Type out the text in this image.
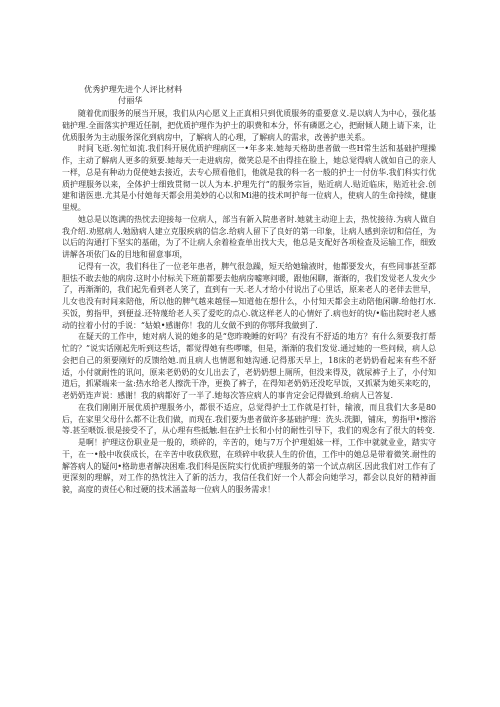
优秀护理先进个人评比材料
付丽华

随着优而服务的展当开展，我们从内心愿义上正真相只到优质服务的重要意义.是以病人为中心，强化基础护理.全面落实护理近任制，把优质护理作为护士的职费和本分，怀有磷愿之心，把耐倾人随上请下来，让优质服务为主动服务深化到病房中，了解病人的心理，了解病人的需求，改善护患关系。

时间飞逝.匆忙如流.我们科开展优质护理病区一•年多来.她每天格助患者做一些H常生活和基础护理操作，主动了解病人更多的须要.她每天一走进病房，微笑总是不由得挂在脸上，她总觉得病人就如自己的亲人一样，总是有种动力促使她去接近，去专心照看他们，他就是我的科一名一般的护士一付仿华.我们科实行优质护理服务以来，全体护士细致贯彻一以人为本.护理先行”的服务宗旨，贴近病人.贴近临床，贴近社会.创建和谐医患.尤其是小付她每天都会用美妙的心以和Mi港的技术呵护每一位病人，使病人的生命持续，健康里规。

她总是以饱满的热忱去迎接每一位病人，部当有新入院患者时.她就主动迎上去，热忱接待.为病人做自我介绍.劝慰病人.勉励病人建立克服疾病的信念.给病人留下了良好的第一印象，让病人感到亲切和信任，为以后的沟通打下坚实的基础，为了不让病人余着检查单出找大夫，他总是支配好各项检查及运输工作，细致讲解各项依门&的目地和留意事项，

记得有一次，我们科住了一位老年患者，脾气很急躁，短天给她输液时，他都要发火，有些同事甚至都胆怯不敢去他的病房.这时小付标关下班前都要去他病房嘘寒问暖，跟他闲聊，渐渐的，我们发觉老人发火少了，再渐渐的，我们起先看到老人笑了，直到有一天.老人才给小付说出了心里话，原来老人的老伴去世早，儿女也没有时间来陪他，所以他的脾气越来越怪—知道他在想什么，小付知天都会主动陪他闲聊.给他打水.买饭，剪指甲，到便益.还特蔑给老人买了爱吃的点心.就这样老人的心情好了.病也好的快/•临出院时老人感动的拉着小付的手说：“姑娘•感谢你！我的儿女做不到的你鄂拜我做到了.

在疑天的工作中，她对病人说的她多的是“您昨晚睡的好吗？有没有不舒适的地方？有什么须要我打帮忙的？”说实话刚起先听到这些话，都觉得她有些啰嗦，但是，渐渐的我们发觉.通过她的一些问候，病人总会把自己的须要刚好的反馈给她.而且病人也情愿和她沟通.记得那天早上，18床的老奶奶看起来有些不舒适，小付就耐性的讯问，原来老奶奶的女儿出去了，老奶奶想上厕所，但没来得及，就尿裤子上了，小付知道后，抓紧端来一盆:热水给老人擦洗干净，更换了裤子，在得知老奶奶还没吃早饭，又抓紧为她买来吃的，老奶奶连声说：感谢！我的病都好了一半了.她每次答应病人的事肯定会记得做到.给病人已答复.

在我们刚刚开展优质护理服务小，都很不适应，总觉得护士工作就是打针，输液，而且我们大多是80后，在家里父母什么都不让我们做，而现在.我们要为患者做许多基础护理：洗头.洗脚，铺床，剪指甲•擦浴等.甚至喂饭.很是接受不了，从心理有些抵触.但在护士长和小付的耐性引导下，我们的观念有了很大的转变.

是啊！护理这份职业是一般的，琐碎的，辛苦的，她与7万个护理姐妹一样，工作中就就业业，踏实守干，在一•般中收获成长，在辛苦中收获欣慰，在琐碎中收获人生的价值，工作中的她总是带着微笑.耐性的解答病人的疑问•格助患者解决困难.我们科是医院实行优质护理服务的第一个试点病区.因此我们对工作有了更深刻的理解，对工作的热忱注入了新的活力，我信任我们好一个人都会向她学习，都会以良好的精神面貌，高度的责任心和过硬的技术涵盖每一位病人的服务需求！
